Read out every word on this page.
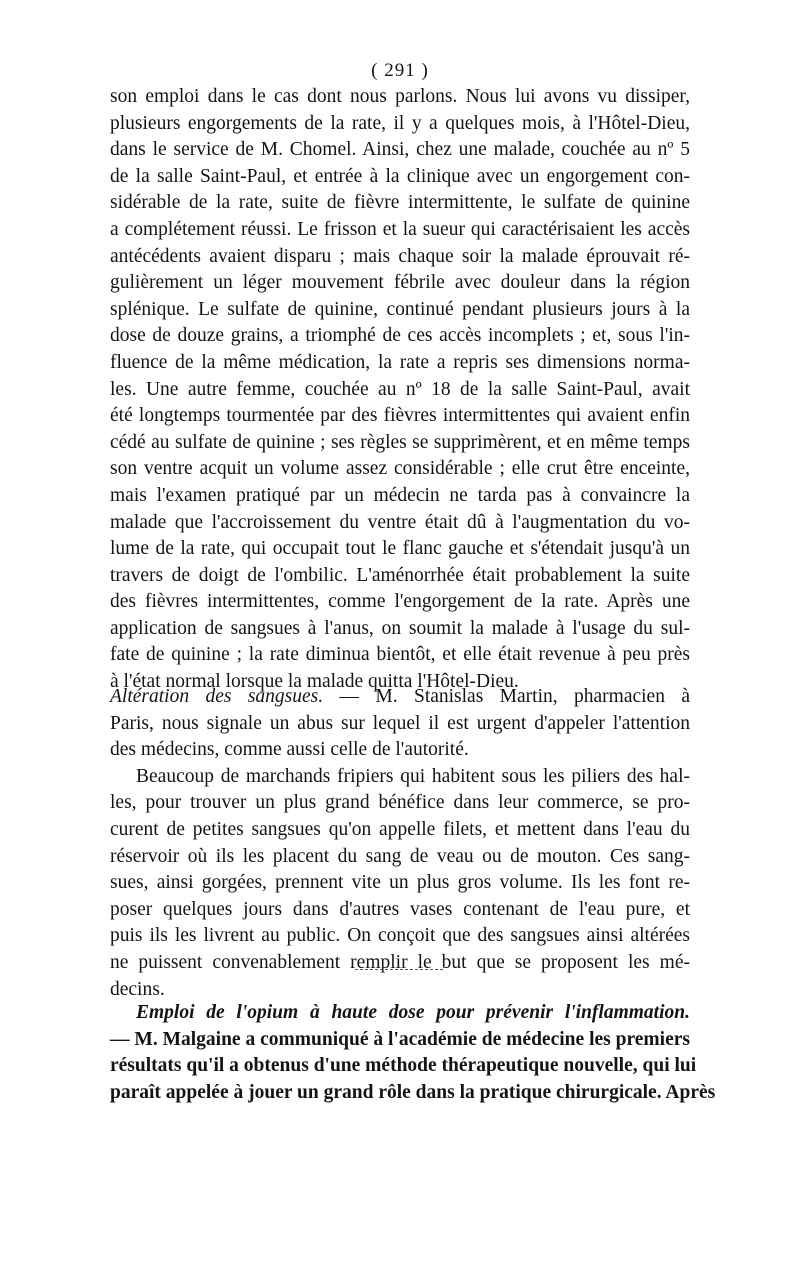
( 291 )
son emploi dans le cas dont nous parlons. Nous lui avons vu dissiper,
plusieurs engorgements de la rate, il y a quelques mois, à l'Hôtel-Dieu,
dans le service de M. Chomel. Ainsi, chez une malade, couchée au nº 5
de la salle Saint-Paul, et entrée à la clinique avec un engorgement con-
sidérable de la rate, suite de fièvre intermittente, le sulfate de quinine
a complétement réussi. Le frisson et la sueur qui caractérisaient les accès
antécédents avaient disparu ; mais chaque soir la malade éprouvait ré-
gulièrement un léger mouvement fébrile avec douleur dans la région
splénique. Le sulfate de quinine, continué pendant plusieurs jours à la
dose de douze grains, a triomphé de ces accès incomplets ; et, sous l'in-
fluence de la même médication, la rate a repris ses dimensions norma-
les. Une autre femme, couchée au nº 18 de la salle Saint-Paul, avait
été longtemps tourmentée par des fièvres intermittentes qui avaient enfin
cédé au sulfate de quinine ; ses règles se supprimèrent, et en même temps
son ventre acquit un volume assez considérable ; elle crut être enceinte,
mais l'examen pratiqué par un médecin ne tarda pas à convaincre la
malade que l'accroissement du ventre était dû à l'augmentation du vo-
lume de la rate, qui occupait tout le flanc gauche et s'étendait jusqu'à un
travers de doigt de l'ombilic. L'aménorrhée était probablement la suite
des fièvres intermittentes, comme l'engorgement de la rate. Après une
application de sangsues à l'anus, on soumit la malade à l'usage du sul-
fate de quinine ; la rate diminua bientôt, et elle était revenue à peu près
à l'état normal lorsque la malade quitta l'Hôtel-Dieu.
Altération des sangsues. — M. Stanislas Martin, pharmacien à
Paris, nous signale un abus sur lequel il est urgent d'appeler l'attention
des médecins, comme aussi celle de l'autorité.
Beaucoup de marchands fripiers qui habitent sous les piliers des hal-
les, pour trouver un plus grand bénéfice dans leur commerce, se pro-
curent de petites sangsues qu'on appelle filets, et mettent dans l'eau du
réservoir où ils les placent du sang de veau ou de mouton. Ces sang-
sues, ainsi gorgées, prennent vite un plus gros volume. Ils les font re-
poser quelques jours dans d'autres vases contenant de l'eau pure, et
puis ils les livrent au public. On conçoit que des sangsues ainsi altérées
ne puissent convenablement remplir le but que se proposent les mé-
decins.
Emploi de l'opium à haute dose pour prévenir l'inflammation.
— M. Malgaine a communiqué à l'académie de médecine les premiers
résultats qu'il a obtenus d'une méthode thérapeutique nouvelle, qui lui
paraît appelée à jouer un grand rôle dans la pratique chirurgicale. Après
